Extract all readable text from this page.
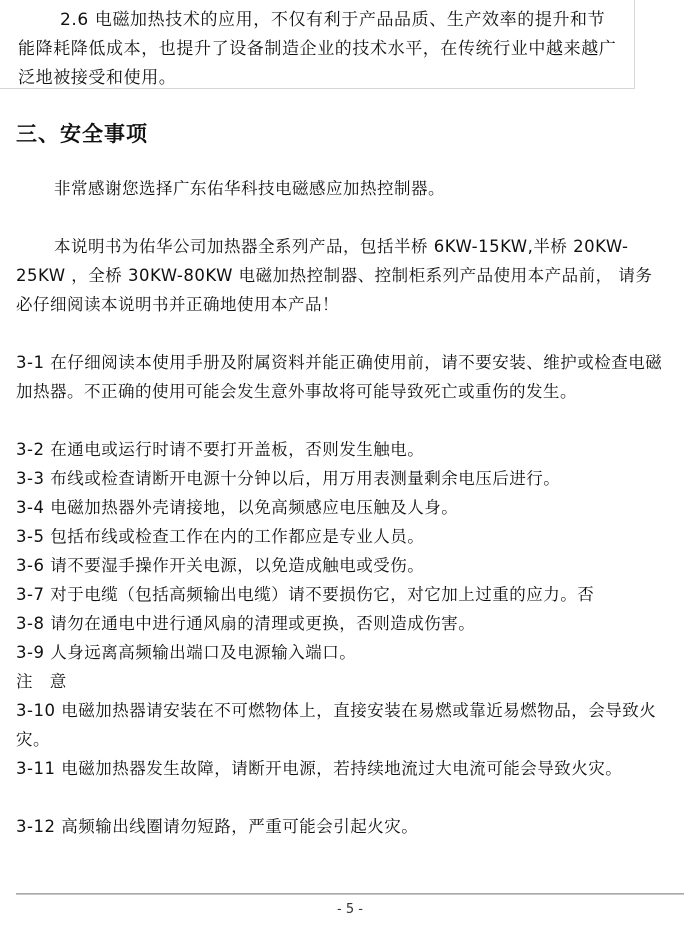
2.6 电磁加热技术的应用，不仅有利于产品品质、生产效率的提升和节能降耗降低成本，也提升了设备制造企业的技术水平，在传统行业中越来越广泛地被接受和使用。

三、安全事项

非常感谢您选择广东佑华科技电磁感应加热控制器。

本说明书为佑华公司加热器全系列产品，包括半桥 6KW-15KW,半桥 20KW-25KW ，全桥 30KW-80KW 电磁加热控制器、控制柜系列产品使用本产品前， 请务必仔细阅读本说明书并正确地使用本产品！

3-1 在仔细阅读本使用手册及附属资料并能正确使用前，请不要安装、维护或检查电磁加热器。不正确的使用可能会发生意外事故将可能导致死亡或重伤的发生。

3-2 在通电或运行时请不要打开盖板，否则发生触电。

3-3 布线或检查请断开电源十分钟以后，用万用表测量剩余电压后进行。

3-4 电磁加热器外壳请接地，以免高频感应电压触及人身。

3-5 包括布线或检查工作在内的工作都应是专业人员。

3-6 请不要湿手操作开关电源，以免造成触电或受伤。

3-7 对于电缆（包括高频输出电缆）请不要损伤它，对它加上过重的应力。否

3-8 请勿在通电中进行通风扇的清理或更换，否则造成伤害。

3-9 人身远离高频输出端口及电源输入端口。

注 意

3-10 电磁加热器请安装在不可燃物体上，直接安装在易燃或靠近易燃物品，会导致火灾。

3-11 电磁加热器发生故障，请断开电源，若持续地流过大电流可能会导致火灾。

3-12 高频输出线圈请勿短路，严重可能会引起火灾。

- 5 -
